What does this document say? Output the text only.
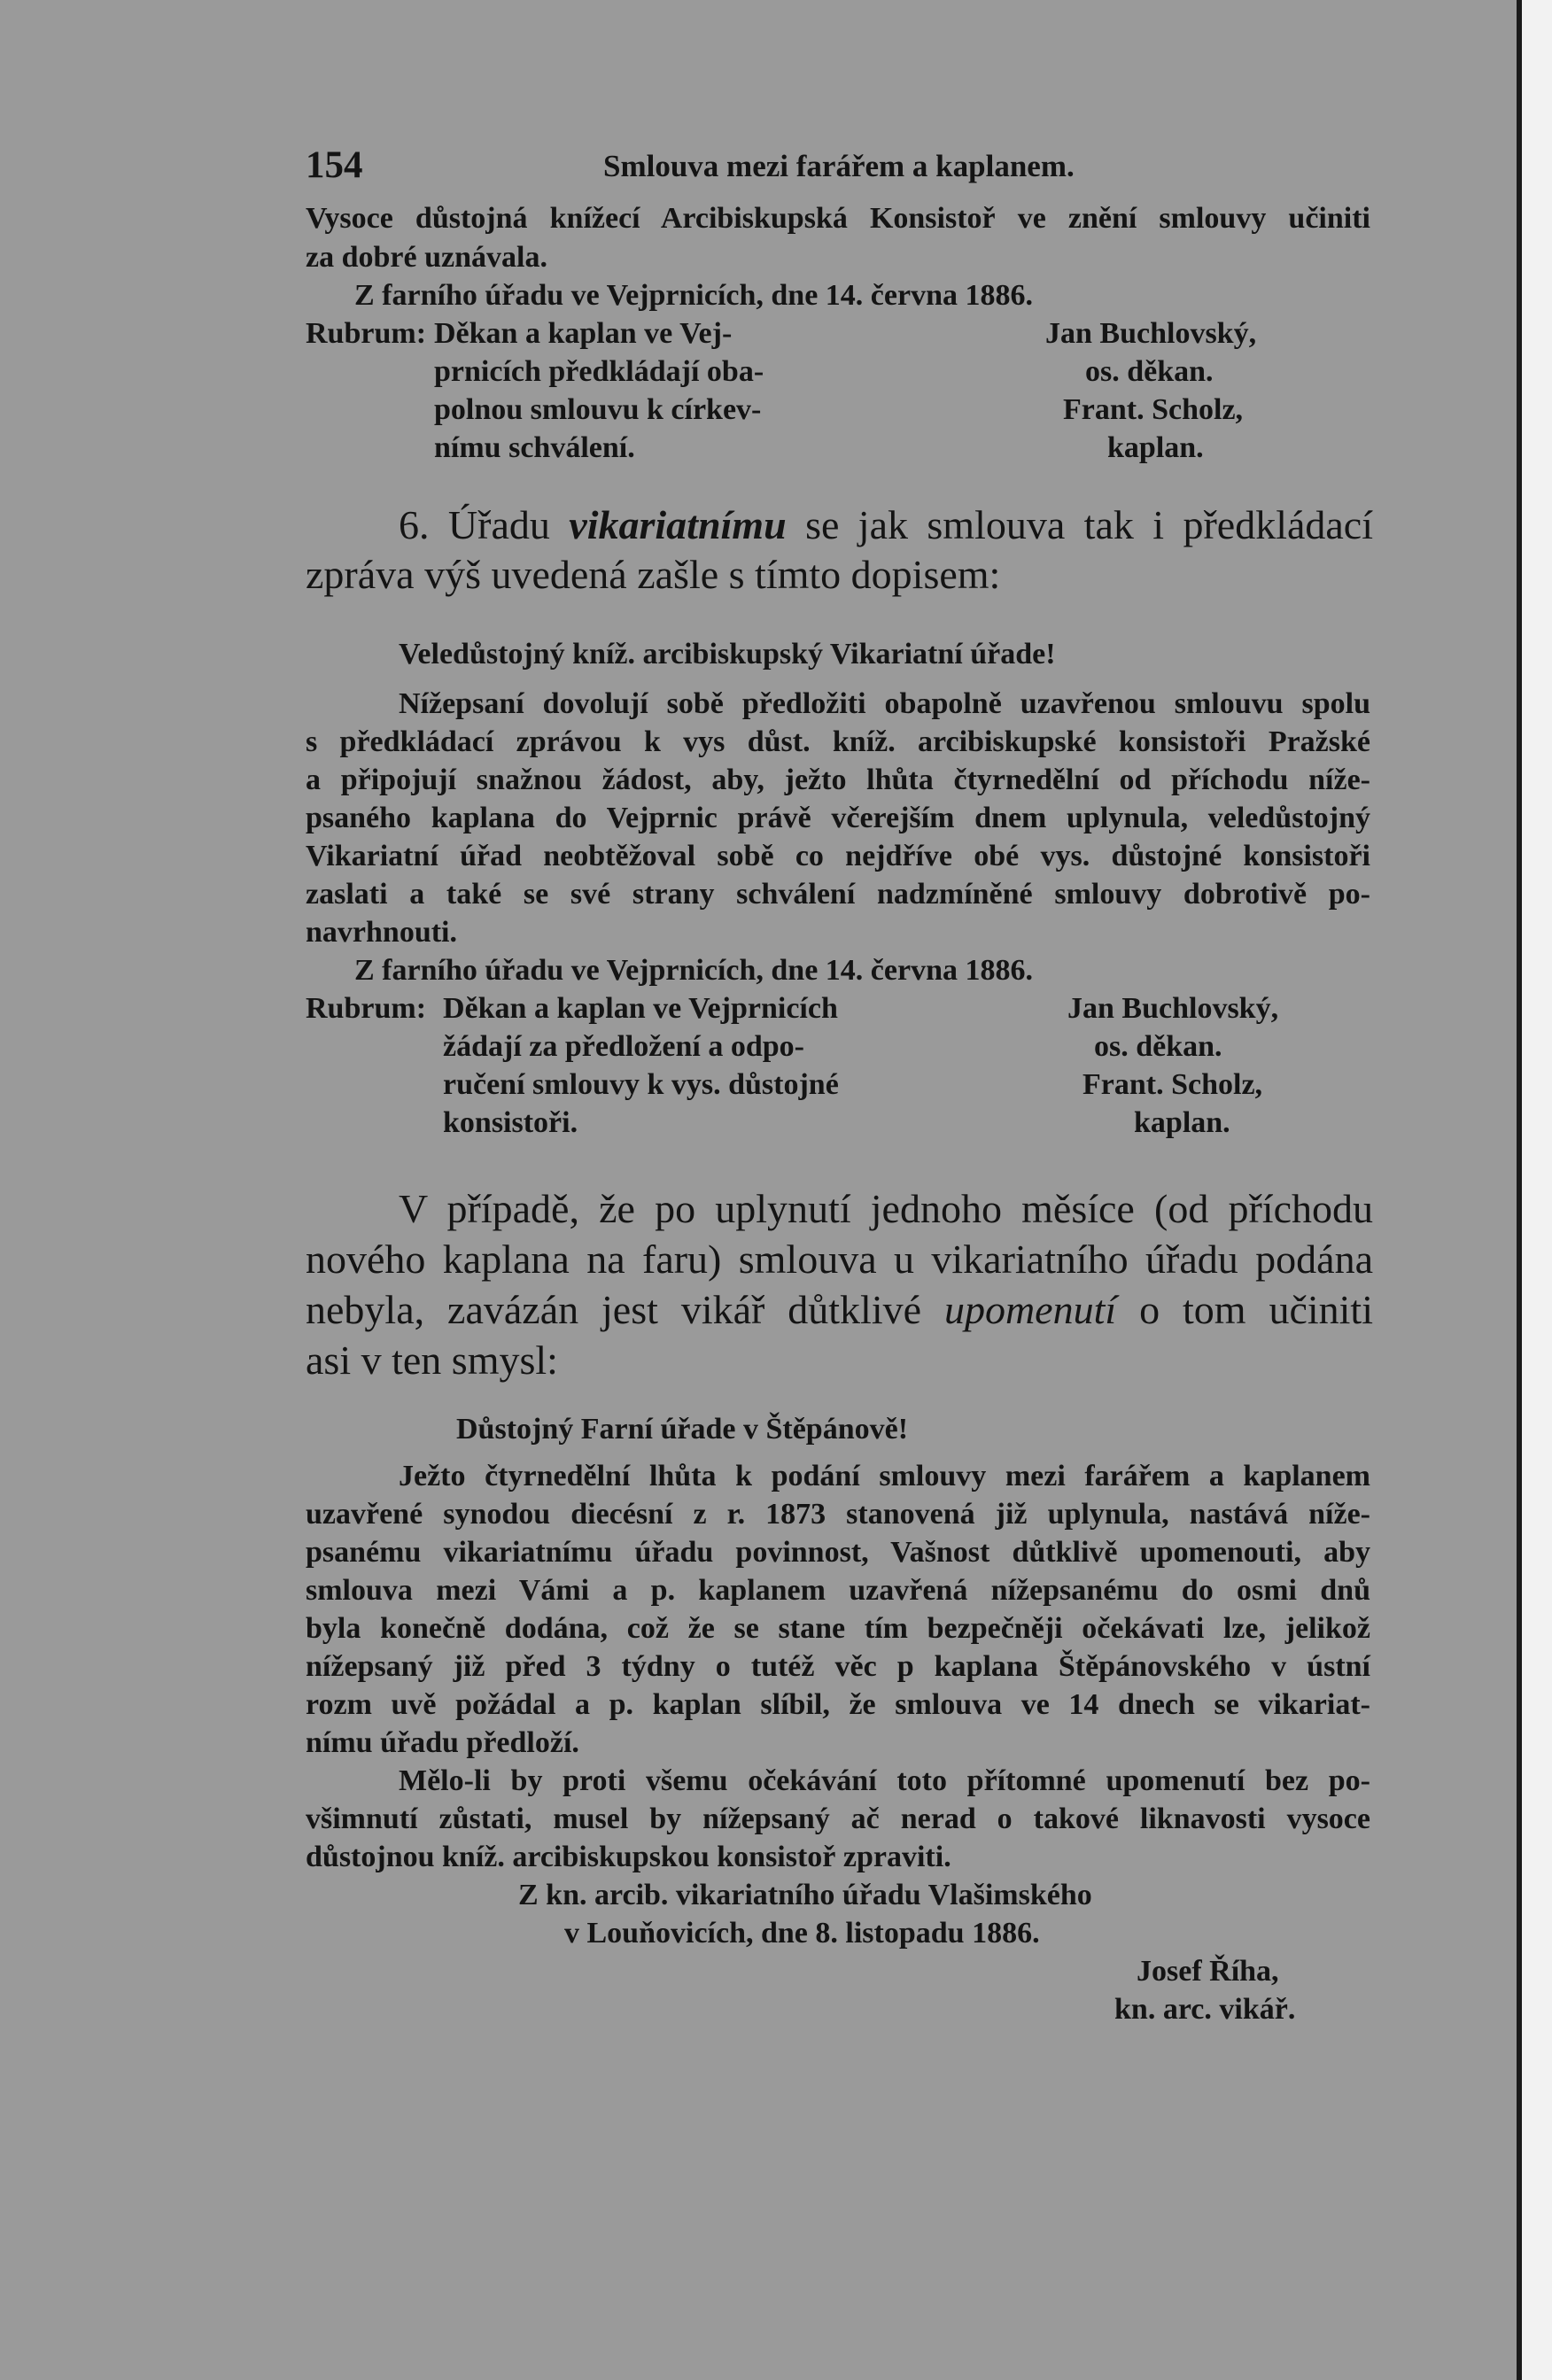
154	Smlouva mezi farářem a kaplanem.
Vysoce důstojná knížecí Arcibiskupská Konsistoř ve znění smlouvy učiniti
za dobré uznávala.
Z farního úřadu ve Vejprnicích, dne 14. června 1886.
Rubrum: Děkan a kaplan ve Vej-
prnicích předkládají oba-
polnou smlouvu k církev-
nímu schválení.
Jan Buchlovský,
os. děkan.
Frant. Scholz,
kaplan.
6. Úřadu vikariatnímu se jak smlouva tak i předkládací
zpráva výš uvedená zašle s tímto dopisem:
Veledůstojný kníž. arcibiskupský Vikariatní úřade!
Nížepsaní dovolují sobě předložiti obapolně uzavřenou smlouvu spolu
s předkládací zprávou k vys důst. kníž. arcibiskupské konsistoři Pražské
a připojují snažnou žádost, aby, ježto lhůta čtyrnedělní od příchodu níže-
psaného kaplana do Vejprnic právě včerejším dnem uplynula, veledůstojný
Vikariatní úřad neobtěžoval sobě co nejdříve obé vys. důstojné konsistoři
zaslati a také se své strany schválení nadzmíněné smlouvy dobrotivě po-
navrhnouti.
Z farního úřadu ve Vejprnicích, dne 14. června 1886.
Rubrum: Děkan a kaplan ve Vejprnicích
žádají za předložení a odpo-
ručení smlouvy k vys. důstojné
konsistoři.
Jan Buchlovský,
os. děkan.
Frant. Scholz,
kaplan.
V případě, že po uplynutí jednoho měsíce (od příchodu
nového kaplana na faru) smlouva u vikariatního úřadu podána
nebyla, zavázán jest vikář důtklivé upomenutí o tom učiniti
asi v ten smysl:
Důstojný Farní úřade v Štěpánově!
Ježto čtyrnedělní lhůta k podání smlouvy mezi farářem a kaplanem
uzavřené synodou diecésní z r. 1873 stanovená již uplynula, nastává níže-
psanému vikariatnímu úřadu povinnost, Vašnost důtklivě upomenouti, aby
smlouva mezi Vámi a p. kaplanem uzavřená nížepsanému do osmi dnů
byla konečně dodána, což že se stane tím bezpečněji očekávati lze, jelikož
nížepsaný již před 3 týdny o tutéž věc p kaplana Štěpánovského v ústní
rozm uvě požádal a p. kaplan slíbil, že smlouva ve 14 dnech se vikariat-
nímu úřadu předloží.
Mělo-li by proti všemu očekávání toto přítomné upomenutí bez po-
všimnutí zůstati, musel by nížepsaný ač nerad o takové liknavosti vysoce
důstojnou kníž. arcibiskupskou konsistoř zpraviti.
Z kn. arcib. vikariatního úřadu Vlašimského
v Louňovicích, dne 8. listopadu 1886.
Josef Říha,
kn. arc. vikář.
